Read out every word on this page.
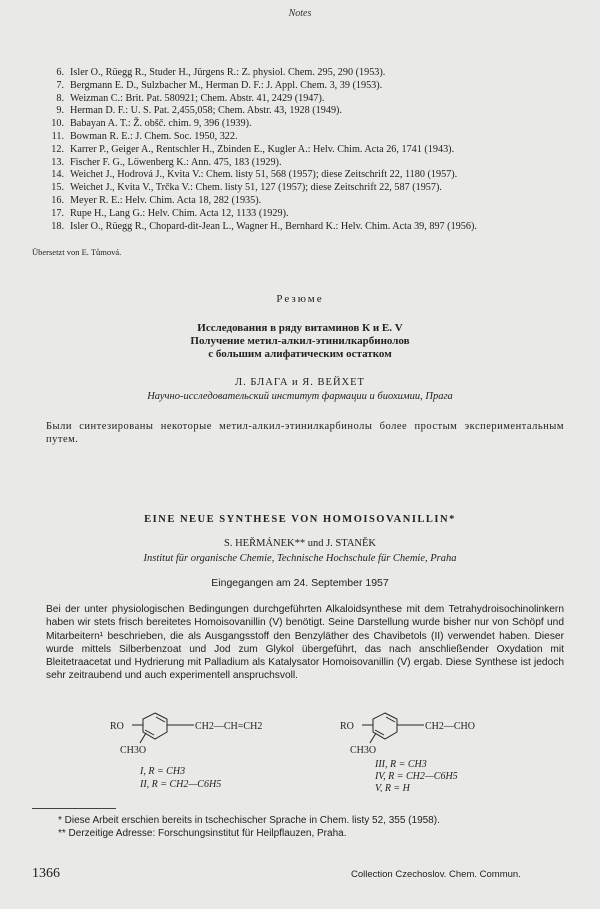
Notes
6. Isler O., Rüegg R., Studer H., Jürgens R.: Z. physiol. Chem. 295, 290 (1953).
7. Bergmann E. D., Sulzbacher M., Herman D. F.: J. Appl. Chem. 3, 39 (1953).
8. Weizman C.: Brit. Pat. 580921; Chem. Abstr. 41, 2429 (1947).
9. Herman D. F.: U. S. Pat. 2,455,058; Chem. Abstr. 43, 1928 (1949).
10. Babayan A. T.: Ž. obšč. chim. 9, 396 (1939).
11. Bowman R. E.: J. Chem. Soc. 1950, 322.
12. Karrer P., Geiger A., Rentschler H., Zbinden E., Kugler A.: Helv. Chim. Acta 26, 1741 (1943).
13. Fischer F. G., Löwenberg K.: Ann. 475, 183 (1929).
14. Weichet J., Hodrová J., Kvita V.: Chem. listy 51, 568 (1957); diese Zeitschrift 22, 1180 (1957).
15. Weichet J., Kvita V., Trčka V.: Chem. listy 51, 127 (1957); diese Zeitschrift 22, 587 (1957).
16. Meyer R. E.: Helv. Chim. Acta 18, 282 (1935).
17. Rupe H., Lang G.: Helv. Chim. Acta 12, 1133 (1929).
18. Isler O., Rüegg R., Chopard-dit-Jean L., Wagner H., Bernhard K.: Helv. Chim. Acta 39, 897 (1956).
Übersetzt von E. Tůmová.
Резюме
Исследования в ряду витаминов К и Е. V
Получение метил-алкил-этинилкарбинолов
с большим алифатическим остатком
Л. БЛАГА и Я. ВЕЙХЕТ
Научно-исследовательский институт фармации и биохимии, Прага
Были синтезированы некоторые метил-алкил-этинилкарбинолы более простым экспериментальным путем.
EINE NEUE SYNTHESE VON HOMOISOVANILLIN*
S. HEŘMÁNEK** und J. STANĚK
Institut für organische Chemie, Technische Hochschule für Chemie, Praha
Eingegangen am 24. September 1957
Bei der unter physiologischen Bedingungen durchgeführten Alkaloidsynthese mit dem Tetrahydroisochinolinkern haben wir stets frisch bereitetes Homoisovanillin (V) benötigt. Seine Darstellung wurde bisher nur von Schöpf und Mitarbeitern¹ beschrieben, die als Ausgangsstoff den Benzyläther des Chavibetols (II) verwendet haben. Dieser wurde mittels Silberbenzoat und Jod zum Glykol übergeführt, das nach anschließender Oxydation mit Bleitetraacetat und Hydrierung mit Palladium als Katalysator Homoisovanillin (V) ergab. Diese Synthese ist jedoch sehr zeitraubend und auch experimentell anspruchsvoll.
RO	CH2—CH=CH2
CH3O
I, R = CH3
II, R = CH2—C6H5
RO	CH2—CHO
CH3O
III, R = CH3
IV, R = CH2—C6H5
V, R = H
* Diese Arbeit erschien bereits in tschechischer Sprache in Chem. listy 52, 355 (1958).
** Derzeitige Adresse: Forschungsinstitut für Heilpflauzen, Praha.
1366	Collection Czechoslov. Chem. Commun.
